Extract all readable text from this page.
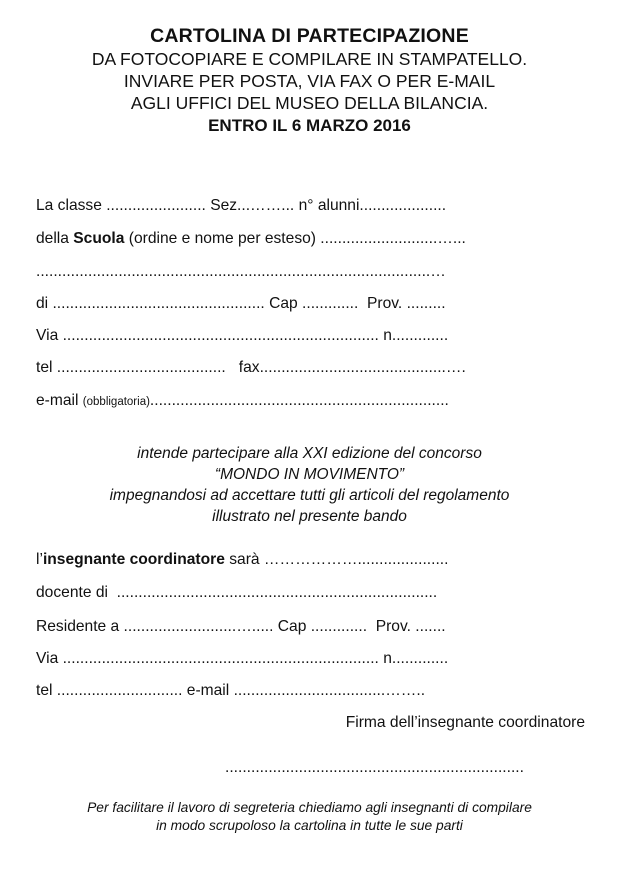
CARTOLINA DI PARTECIPAZIONE
DA FOTOCOPIARE E COMPILARE IN STAMPATELLO.
INVIARE PER POSTA, VIA FAX O PER E-MAIL
AGLI UFFICI DEL MUSEO DELLA BILANCIA.
ENTRO IL 6 MARZO 2016
La classe ....................... Sez...……... n° alunni....................
della Scuola (ordine e nome per esteso) ...........................…...
...........................................................................................…
di ................................................. Cap .............  Prov. .........
Via ......................................................................... n.............
tel .......................................   fax...........................................….
e-mail (obbligatoria).....................................................................
intende partecipare alla XXI edizione del concorso
“MONDO IN MOVIMENTO”
impegnandosi ad accettare tutti gli articoli del regolamento
illustrato nel presente bando
l’insegnante coordinatore sarà ……………….....................
docente di  ..........................................................................
Residente a ..........................…..... Cap .............  Prov. .......
Via ......................................................................... n.............
tel ............................. e-mail ...................................……..
Firma dell’insegnante coordinatore
.....................................................................
Per facilitare il lavoro di segreteria chiediamo agli insegnanti di compilare
in modo scrupoloso la cartolina in tutte le sue parti
